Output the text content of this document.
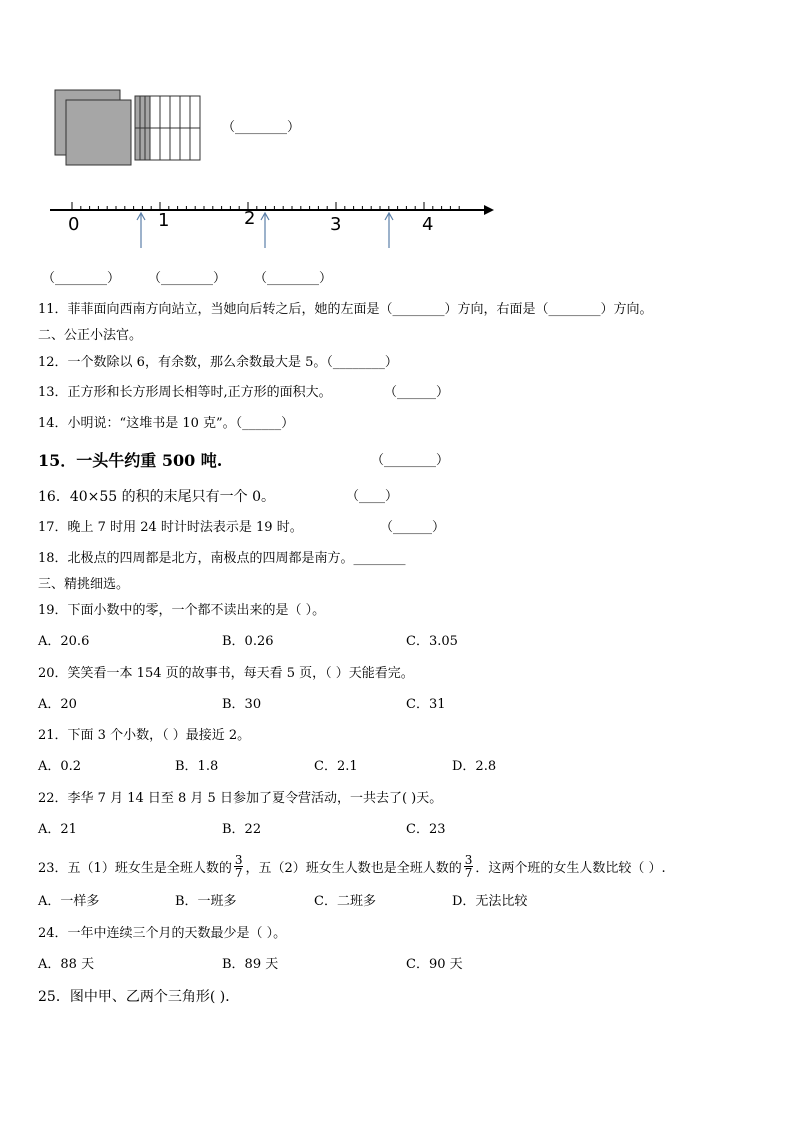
（________）
0	1	2	3	4
（________） （________） （________）
11．菲菲面向西南方向站立，当她向后转之后，她的左面是（________）方向，右面是（________）方向。
二、公正小法官。
12．一个数除以 6，有余数，那么余数最大是 5。（________）
13．正方形和长方形周长相等时,正方形的面积大。	（______）
14．小明说：“这堆书是 10 克”。（______）
15．一头牛约重 500 吨.	（________）
16．40×55 的积的末尾只有一个 0。	（____）
17．晚上 7 时用 24 时计时法表示是 19 时。	（______）
18．北极点的四周都是北方，南极点的四周都是南方。________
三、精挑细选。
19．下面小数中的零，一个都不读出来的是（ ）。
A．20.6	B．0.26	C．3.05
20．笑笑看一本 154 页的故事书，每天看 5 页，（ ）天能看完。
A．20	B．30	C．31
21．下面 3 个小数，（ ）最接近 2。
A．0.2	B．1.8	C．2.1	D．2.8
22．李华 7 月 14 日至 8 月 5 日参加了夏令营活动，一共去了( )天。
A．21	B．22	C．23
23．五（1）班女生是全班人数的 $\frac{3}{7}$ ，五（2）班女生人数也是全班人数的 $\frac{3}{7}$ ．这两个班的女生人数比较（ ）.
A．一样多	B．一班多	C．二班多	D．无法比较
24．一年中连续三个月的天数最少是（ ）。
A．88 天	B．89 天	C．90 天
25．图中甲、乙两个三角形( )．
